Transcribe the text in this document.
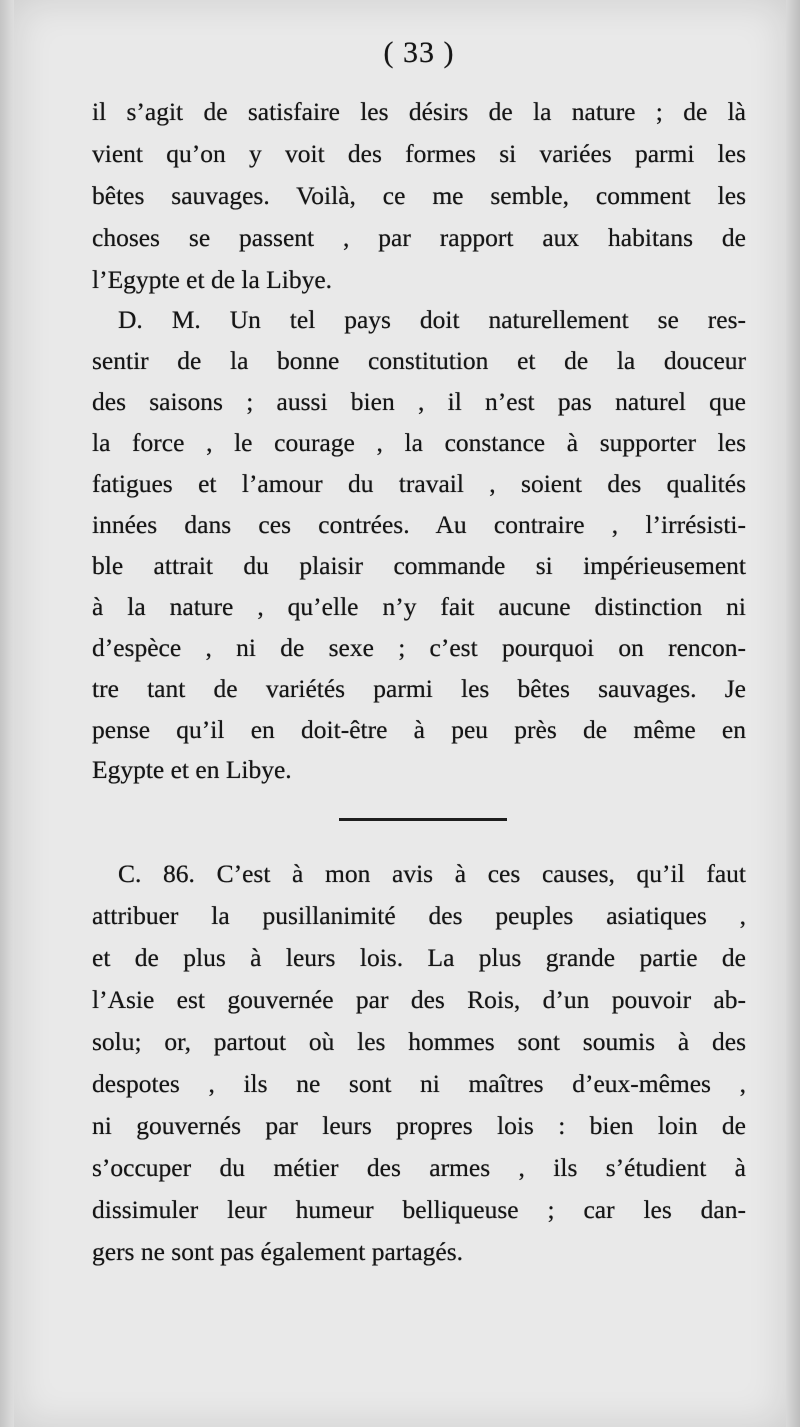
( 33 )
il s’agit de satisfaire les désirs de la nature ; de là
vient qu’on y voit des formes si variées parmi les
bêtes sauvages. Voilà, ce me semble, comment les
choses se passent , par rapport aux habitans de
l’Egypte et de la Libye.
D. M. Un tel pays doit naturellement se res-
sentir de la bonne constitution et de la douceur
des saisons ; aussi bien , il n’est pas naturel que
la force , le courage , la constance à supporter les
fatigues et l’amour du travail , soient des qualités
innées dans ces contrées. Au contraire , l’irrésisti-
ble attrait du plaisir commande si impérieusement
à la nature , qu’elle n’y fait aucune distinction ni
d’espèce , ni de sexe ; c’est pourquoi on rencon-
tre tant de variétés parmi les bêtes sauvages. Je
pense qu’il en doit-être à peu près de même en
Egypte et en Libye.
C. 86. C’est à mon avis à ces causes, qu’il faut
attribuer la pusillanimité des peuples asiatiques ,
et de plus à leurs lois. La plus grande partie de
l’Asie est gouvernée par des Rois, d’un pouvoir ab-
solu; or, partout où les hommes sont soumis à des
despotes , ils ne sont ni maîtres d’eux-mêmes ,
ni gouvernés par leurs propres lois : bien loin de
s’occuper du métier des armes , ils s’étudient à
dissimuler leur humeur belliqueuse ; car les dan-
gers ne sont pas également partagés.
